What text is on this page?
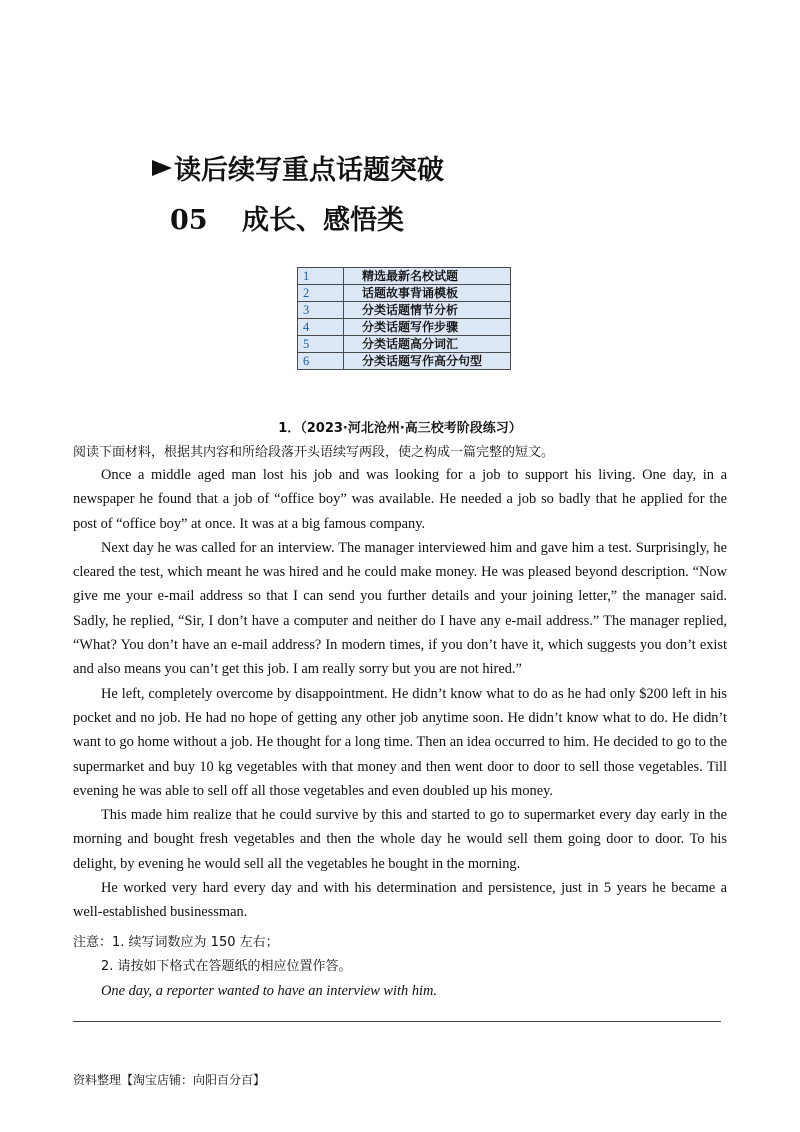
读后续写重点话题突破
05 成长、感悟类
1	精选最新名校试题
2	话题故事背诵模板
3	分类话题情节分析
4	分类话题写作步骤
5	分类话题高分词汇
6	分类话题写作高分句型
1．（2023·河北沧州·高三校考阶段练习）
阅读下面材料，根据其内容和所给段落开头语续写两段，使之构成一篇完整的短文。

Once a middle aged man lost his job and was looking for a job to support his living. One day, in a newspaper he found that a job of “office boy” was available. He needed a job so badly that he applied for the post of “office boy” at once. It was at a big famous company.

Next day he was called for an interview. The manager interviewed him and gave him a test. Surprisingly, he cleared the test, which meant he was hired and he could make money. He was pleased beyond description. “Now give me your e-mail address so that I can send you further details and your joining letter,” the manager said. Sadly, he replied, “Sir, I don’t have a computer and neither do I have any e-mail address.” The manager replied, “What? You don’t have an e-mail address? In modern times, if you don’t have it, which suggests you don’t exist and also means you can’t get this job. I am really sorry but you are not hired.”

He left, completely overcome by disappointment. He didn’t know what to do as he had only $200 left in his pocket and no job. He had no hope of getting any other job anytime soon. He didn’t know what to do. He didn’t want to go home without a job. He thought for a long time. Then an idea occurred to him. He decided to go to the supermarket and buy 10 kg vegetables with that money and then went door to door to sell those vegetables. Till evening he was able to sell off all those vegetables and even doubled up his money.

This made him realize that he could survive by this and started to go to supermarket every day early in the morning and bought fresh vegetables and then the whole day he would sell them going door to door. To his delight, by evening he would sell all the vegetables he bought in the morning.

He worked very hard every day and with his determination and persistence, just in 5 years he became a well-established businessman.

注意：1. 续写词数应为 150 左右；
2. 请按如下格式在答题纸的相应位置作答。
One day, a reporter wanted to have an interview with him.
资料整理【淘宝店铺：向阳百分百】
